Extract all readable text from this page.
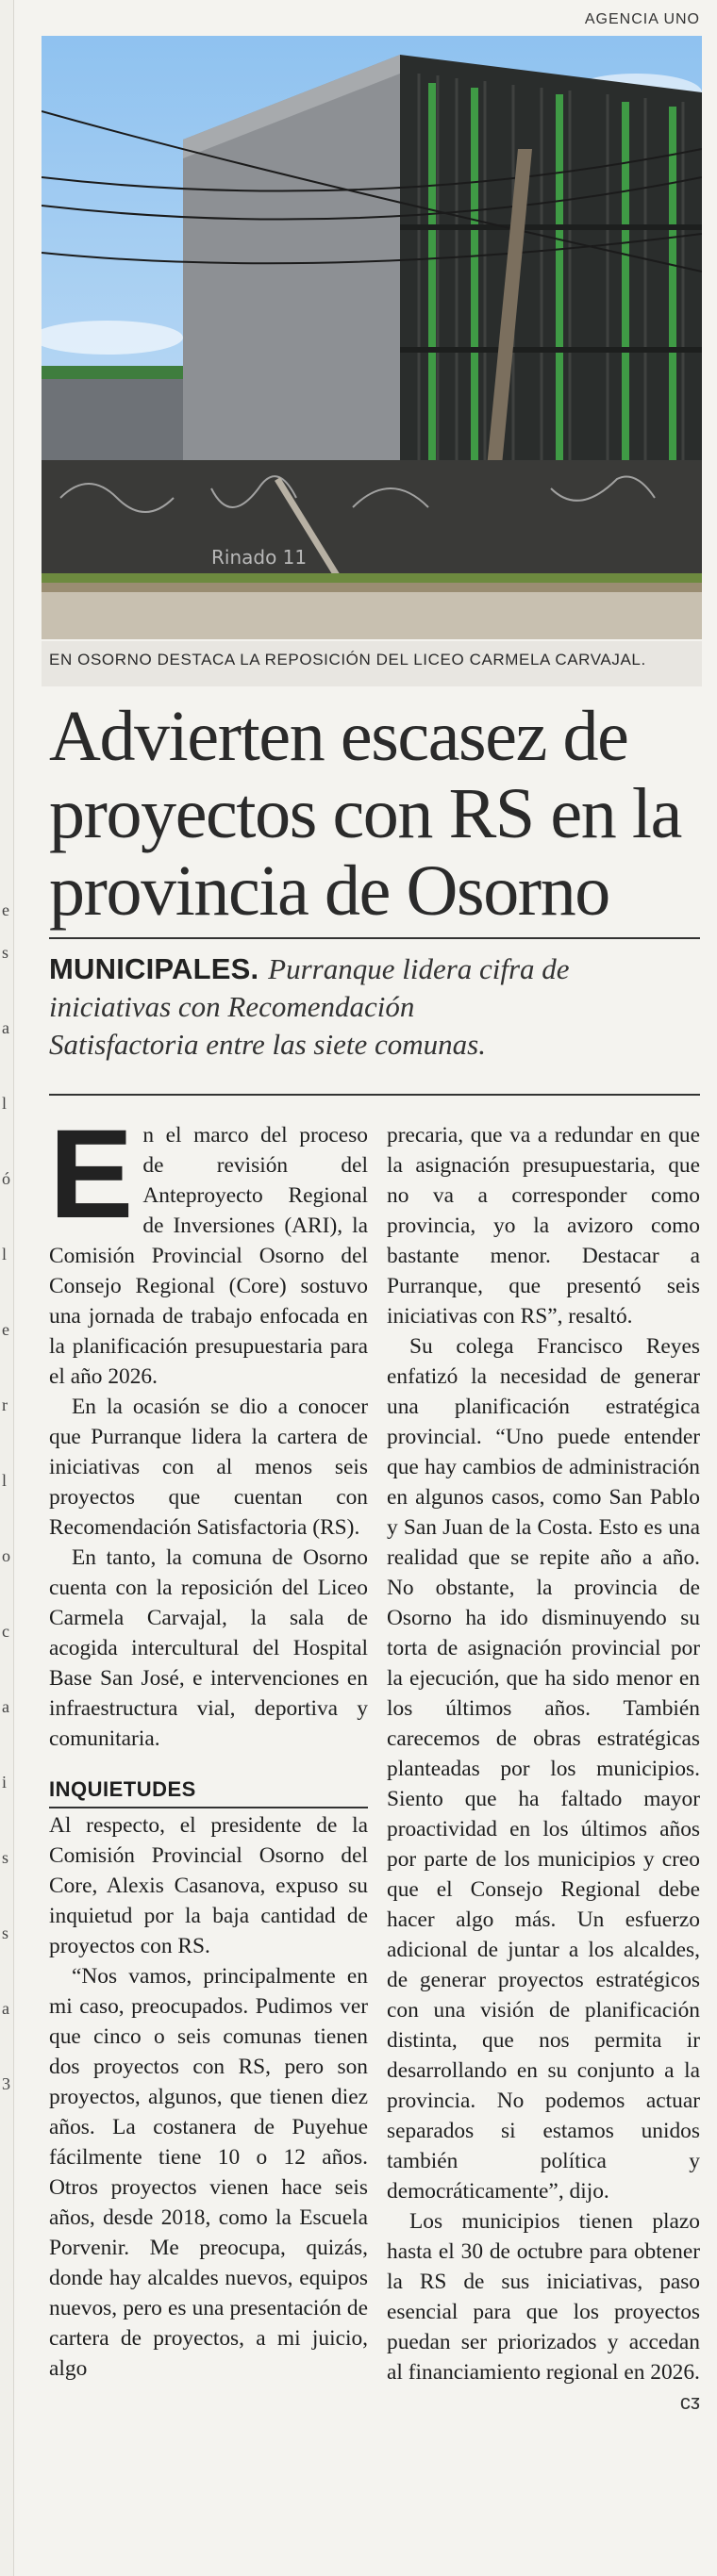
e
s
a
l
ó
l
e
r
l
o
c
a
i
s
s
a
3
AGENCIA UNO
Rinado 11
EN OSORNO DESTACA LA REPOSICIÓN DEL LICEO CARMELA CARVAJAL.
Advierten escasez de
proyectos con RS en la
provincia de Osorno
MUNICIPALES. Purranque lidera cifra de
iniciativas con Recomendación
Satisfactoria entre las siete comunas.

En el marco del proceso de revisión del Anteproyecto Regional de Inversiones (ARI), la Comisión Provincial Osorno del Consejo Regional (Core) sostuvo una jornada de trabajo enfocada en la planificación presupuestaria para el año 2026.

En la ocasión se dio a conocer que Purranque lidera la cartera de iniciativas con al menos seis proyectos que cuentan con Recomendación Satisfactoria (RS).

En tanto, la comuna de Osorno cuenta con la reposición del Liceo Carmela Carvajal, la sala de acogida intercultural del Hospital Base San José, e intervenciones en infraestructura vial, deportiva y comunitaria.

INQUIETUDES

Al respecto, el presidente de la Comisión Provincial Osorno del Core, Alexis Casanova, expuso su inquietud por la baja cantidad de proyectos con RS.

“Nos vamos, principalmente en mi caso, preocupados. Pudimos ver que cinco o seis comunas tienen dos proyectos con RS, pero son proyectos, algunos, que tienen diez años. La costanera de Puyehue fácilmente tiene 10 o 12 años. Otros proyectos vienen hace seis años, desde 2018, como la Escuela Porvenir. Me preocupa, quizás, donde hay alcaldes nuevos, equipos nuevos, pero es una presentación de cartera de proyectos, a mi juicio, algo

precaria, que va a redundar en que la asignación presupuestaria, que no va a corresponder como provincia, yo la avizoro como bastante menor. Destacar a Purranque, que presentó seis iniciativas con RS”, resaltó.

Su colega Francisco Reyes enfatizó la necesidad de generar una planificación estratégica provincial. “Uno puede entender que hay cambios de administración en algunos casos, como San Pablo y San Juan de la Costa. Esto es una realidad que se repite año a año. No obstante, la provincia de Osorno ha ido disminuyendo su torta de asignación provincial por la ejecución, que ha sido menor en los últimos años. También carecemos de obras estratégicas planteadas por los municipios. Siento que ha faltado mayor proactividad en los últimos años por parte de los municipios y creo que el Consejo Regional debe hacer algo más. Un esfuerzo adicional de juntar a los alcaldes, de generar proyectos estratégicos con una visión de planificación distinta, que nos permita ir desarrollando en su conjunto a la provincia. No podemos actuar separados si estamos unidos también política y democráticamente”, dijo.

Los municipios tienen plazo hasta el 30 de octubre para obtener la RS de sus iniciativas, paso esencial para que los proyectos puedan ser priorizados y accedan al financiamiento regional en 2026.
ᴄᴣ
